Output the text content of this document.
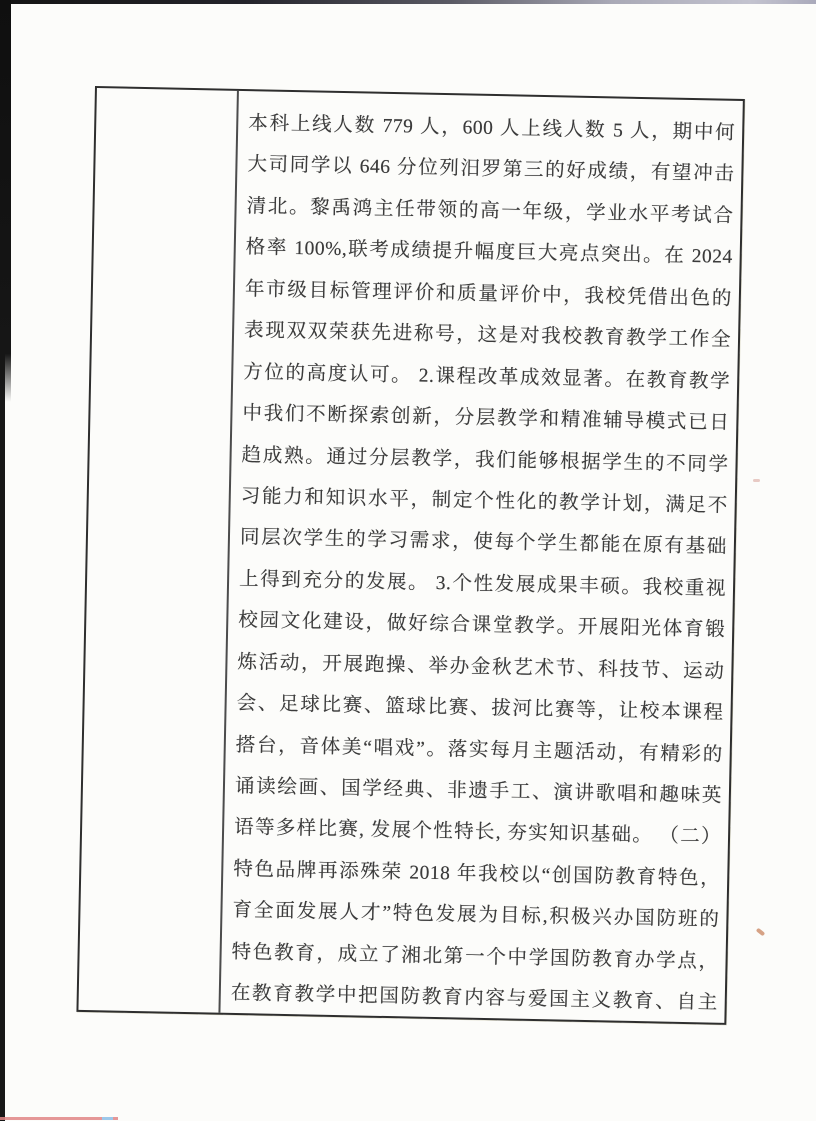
本科上线人数 779 人，600 人上线人数 5 人，期中何
大司同学以 646 分位列汨罗第三的好成绩，有望冲击
清北。黎禹鸿主任带领的高一年级，学业水平考试合
格率 100%,联考成绩提升幅度巨大亮点突出。在 2024
年市级目标管理评价和质量评价中，我校凭借出色的
表现双双荣获先进称号，这是对我校教育教学工作全
方位的高度认可。 2.课程改革成效显著。在教育教学
中我们不断探索创新，分层教学和精准辅导模式已日
趋成熟。通过分层教学，我们能够根据学生的不同学
习能力和知识水平，制定个性化的教学计划，满足不
同层次学生的学习需求，使每个学生都能在原有基础
上得到充分的发展。 3.个性发展成果丰硕。我校重视
校园文化建设，做好综合课堂教学。开展阳光体育锻
炼活动，开展跑操、举办金秋艺术节、科技节、运动
会、足球比赛、篮球比赛、拔河比赛等，让校本课程
搭台，音体美“唱戏”。落实每月主题活动，有精彩的
诵读绘画、国学经典、非遗手工、演讲歌唱和趣味英
语等多样比赛, 发展个性特长, 夯实知识基础。 （二）
特色品牌再添殊荣 2018 年我校以“创国防教育特色，
育全面发展人才”特色发展为目标,积极兴办国防班的
特色教育，成立了湘北第一个中学国防教育办学点，
在教育教学中把国防教育内容与爱国主义教育、自主
